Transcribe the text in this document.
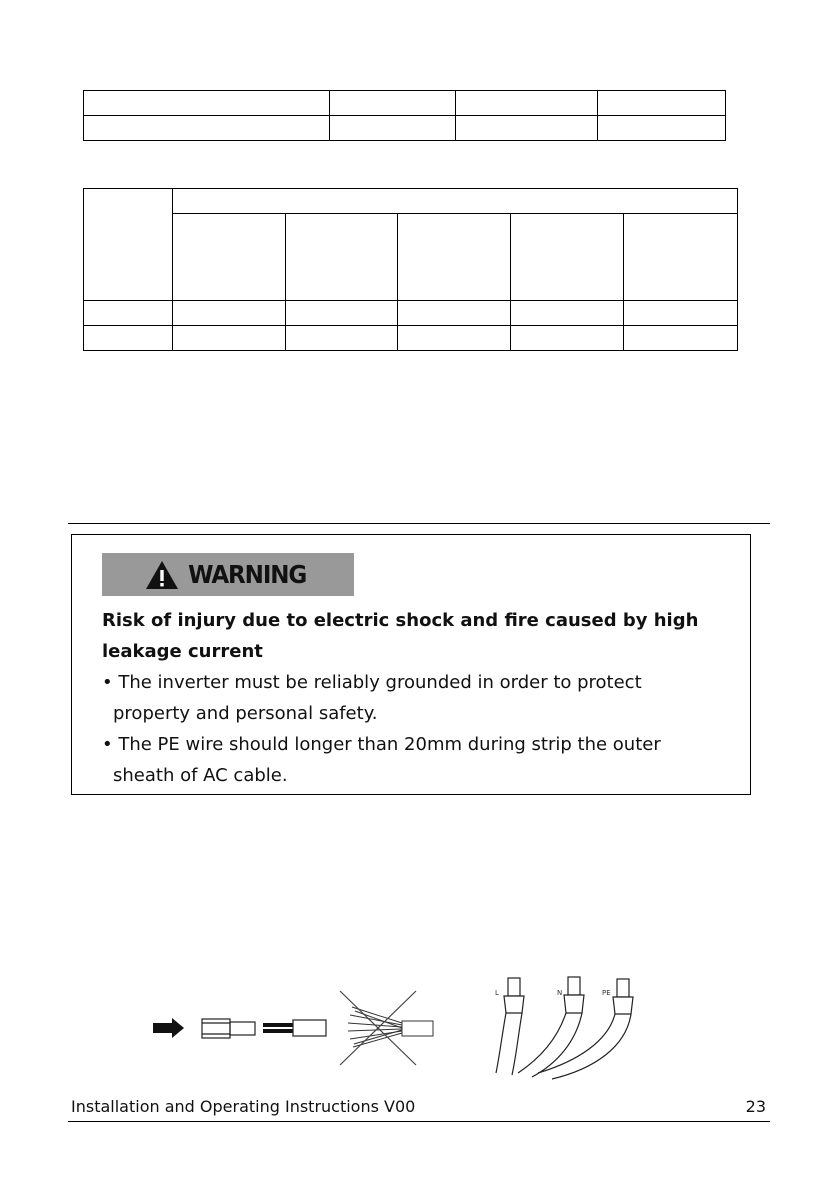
WARNING
Risk of injury due to electric shock and fire caused by high
leakage current
• The inverter must be reliably grounded in order to protect property and personal safety.
• The PE wire should longer than 20mm during strip the outer sheath of AC cable.
L	N	PE
Installation and Operating Instructions V00	23
